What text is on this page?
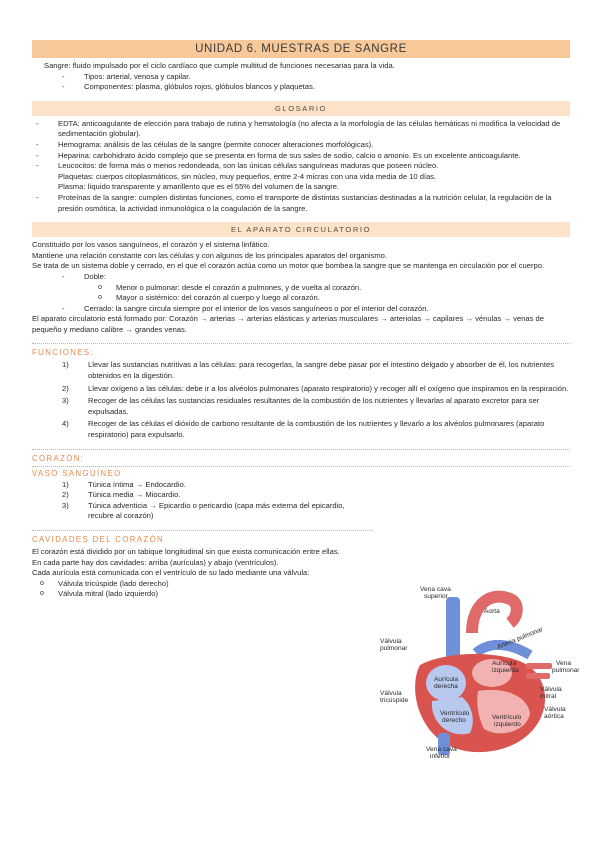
UNIDAD 6. MUESTRAS DE SANGRE
Sangre: fluido impulsado por el ciclo cardíaco que cumple multitud de funciones necesarias para la vida.
-	Tipos: arterial, venosa y capilar.
-	Componentes: plasma, glóbulos rojos, glóbulos blancos y plaquetas.
GLOSARIO
-	EDTA: anticoagulante de elección para trabajo de rutina y hematología (no afecta a la morfología de las células hemáticas ni modifica la velocidad de sedimentación globular).
-	Hemograma: análisis de las células de la sangre (permite conocer alteraciones morfológicas).
-	Heparina: carbohidrato ácido complejo que se presenta en forma de sus sales de sodio, calcio o amonio. Es un excelente anticoagulante.
-	Leucocitos: de forma más o menos redondeada, son las únicas células sanguíneas maduras que poseen núcleo.
Plaquetas: cuerpos citoplasmáticos, sin núcleo, muy pequeños, entre 2-4 micras con una vida media de 10 días.
Plasma: líquido transparente y amarillento que es el 55% del volumen de la sangre.
-	Proteínas de la sangre: cumplen distintas funciones, como el transporte de distintas sustancias destinadas a la nutrición celular, la regulación de la presión osmótica, la actividad inmunológica o la coagulación de la sangre.
EL APARATO CIRCULATORIO
Constituido por los vasos sanguíneos, el corazón y el sistema linfático.
Mantiene una relación constante con las células y con algunos de los principales aparatos del organismo.
Se trata de un sistema doble y cerrado, en el que el corazón actúa como un motor que bombea la sangre que se mantenga en circulación por el cuerpo.
-	Doble:
o Menor o pulmonar: desde el corazón a pulmones, y de vuelta al corazón.
o Mayor o sistémico: del corazón al cuerpo y luego al corazón.
-	Cerrado: la sangre circula siempre por el interior de los vasos sanguíneos o por el interior del corazón.
El aparato circulatorio está formado por: Corazón → arterias → arterias elásticas y arterias musculares → arteriolas → capilares → vénulas → venas de pequeño y mediano calibre → grandes venas.
FUNCIONES:
1)	Llevar las sustancias nutritivas a las células: para recogerlas, la sangre debe pasar por el intestino delgado y absorber de él, los nutrientes obtenidos en la digestión.
2)	Llevar oxígeno a las células: debe ir a los alvéolos pulmonares (aparato respiratorio) y recoger allí el oxígeno que inspiramos en la respiración.
3)	Recoger de las células las sustancias residuales resultantes de la combustión de los nutrientes y llevarlas al aparato excretor para ser expulsadas.
4)	Recoger de las células el dióxido de carbono resultante de la combustión de los nutrientes y llevarlo a los alvéolos pulmonares (aparato respiratorio) para expulsarlo.
CORAZÓN:
VASO SANGUÍNEO
1)	Túnica íntima → Endocardio.
2)	Túnica media → Miocardio.
3)	Túnica adventicia → Epicardio o pericardio (capa más externa del epicardio, recubre al corazón)
CAVIDADES DEL CORAZÓN
El corazón está dividido por un tabique longitudinal sin que exista comunicación entre ellas.
En cada parte hay dos cavidades: arriba (aurículas) y abajo (ventrículos).
Cada aurícula está comunicada con el ventrículo de su lado mediante una válvula:
o Válvula tricúspide (lado derecho)
o Válvula mitral (lado izquierdo)	Vena cava superior
Aorta
Arteria pulmonar
Válvula pulmonar
Aurícula izquierda
Aurícula derecha
Vena pulmonar
Válvula mitral
Válvula tricúspide
Válvula aórtica
Ventrículo derecho	Ventrículo izquierdo
Vena cava inferior
